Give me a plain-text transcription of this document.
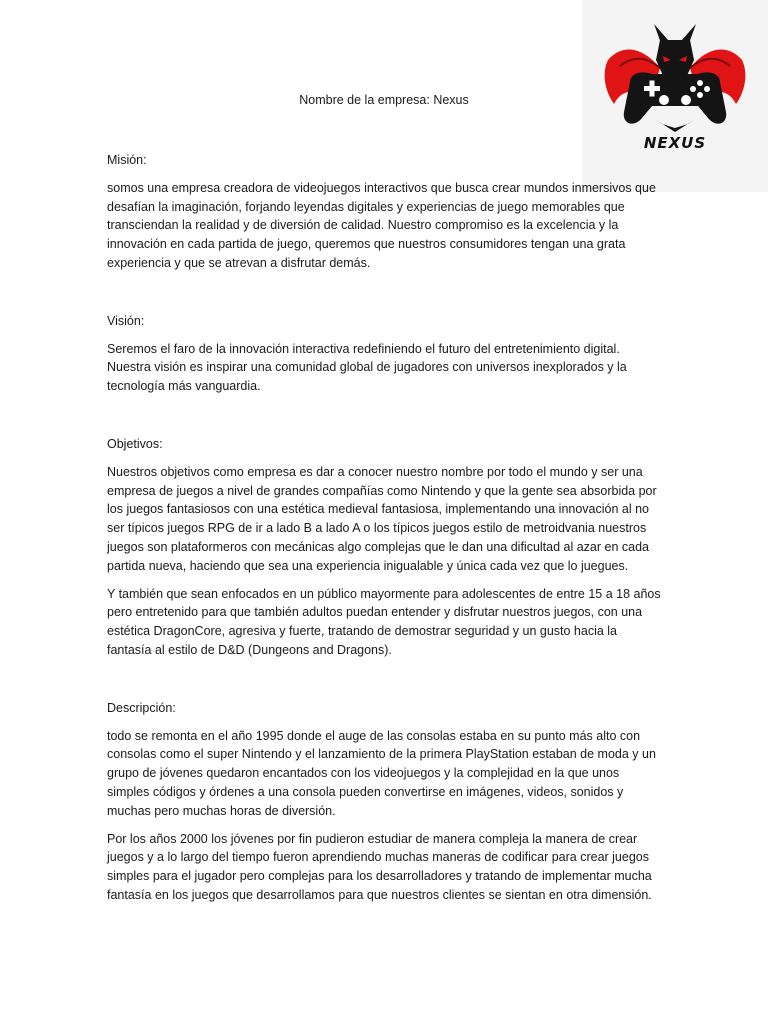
NEXUS
Nombre de la empresa: Nexus

Misión:

somos una empresa creadora de videojuegos interactivos que busca crear mundos inmersivos que desafían la imaginación, forjando leyendas digitales y experiencias de juego memorables que transciendan la realidad y de diversión de calidad. Nuestro compromiso es la excelencia y la innovación en cada partida de juego, queremos que nuestros consumidores tengan una grata experiencia y que se atrevan a disfrutar demás.

Visión:

Seremos el faro de la innovación interactiva redefiniendo el futuro del entretenimiento digital. Nuestra visión es inspirar una comunidad global de jugadores con universos inexplorados y la tecnología más vanguardia.

Objetivos:

Nuestros objetivos como empresa es dar a conocer nuestro nombre por todo el mundo y ser una empresa de juegos a nivel de grandes compañías como Nintendo y que la gente sea absorbida por los juegos fantasiosos con una estética medieval fantasiosa, implementando una innovación al no ser típicos juegos RPG de ir a lado B a lado A o los típicos juegos estilo de metroidvania nuestros juegos son plataformeros con mecánicas algo complejas que le dan una dificultad al azar en cada partida nueva, haciendo que sea una experiencia inigualable y única cada vez que lo juegues.

Y también que sean enfocados en un público mayormente para adolescentes de entre 15 a 18 años pero entretenido para que también adultos puedan entender y disfrutar nuestros juegos, con una estética DragonCore, agresiva y fuerte, tratando de demostrar seguridad y un gusto hacia la fantasía al estilo de D&D (Dungeons and Dragons).

Descripción:

todo se remonta en el año 1995 donde el auge de las consolas estaba en su punto más alto con consolas como el super Nintendo y el lanzamiento de la primera PlayStation estaban de moda y un grupo de jóvenes quedaron encantados con los videojuegos y la complejidad en la que unos simples códigos y órdenes a una consola pueden convertirse en imágenes, videos, sonidos y muchas pero muchas horas de diversión.

Por los años 2000 los jóvenes por fin pudieron estudiar de manera compleja la manera de crear juegos y a lo largo del tiempo fueron aprendiendo muchas maneras de codificar para crear juegos simples para el jugador pero complejas para los desarrolladores y tratando de implementar mucha fantasía en los juegos que desarrollamos para que nuestros clientes se sientan en otra dimensión.
